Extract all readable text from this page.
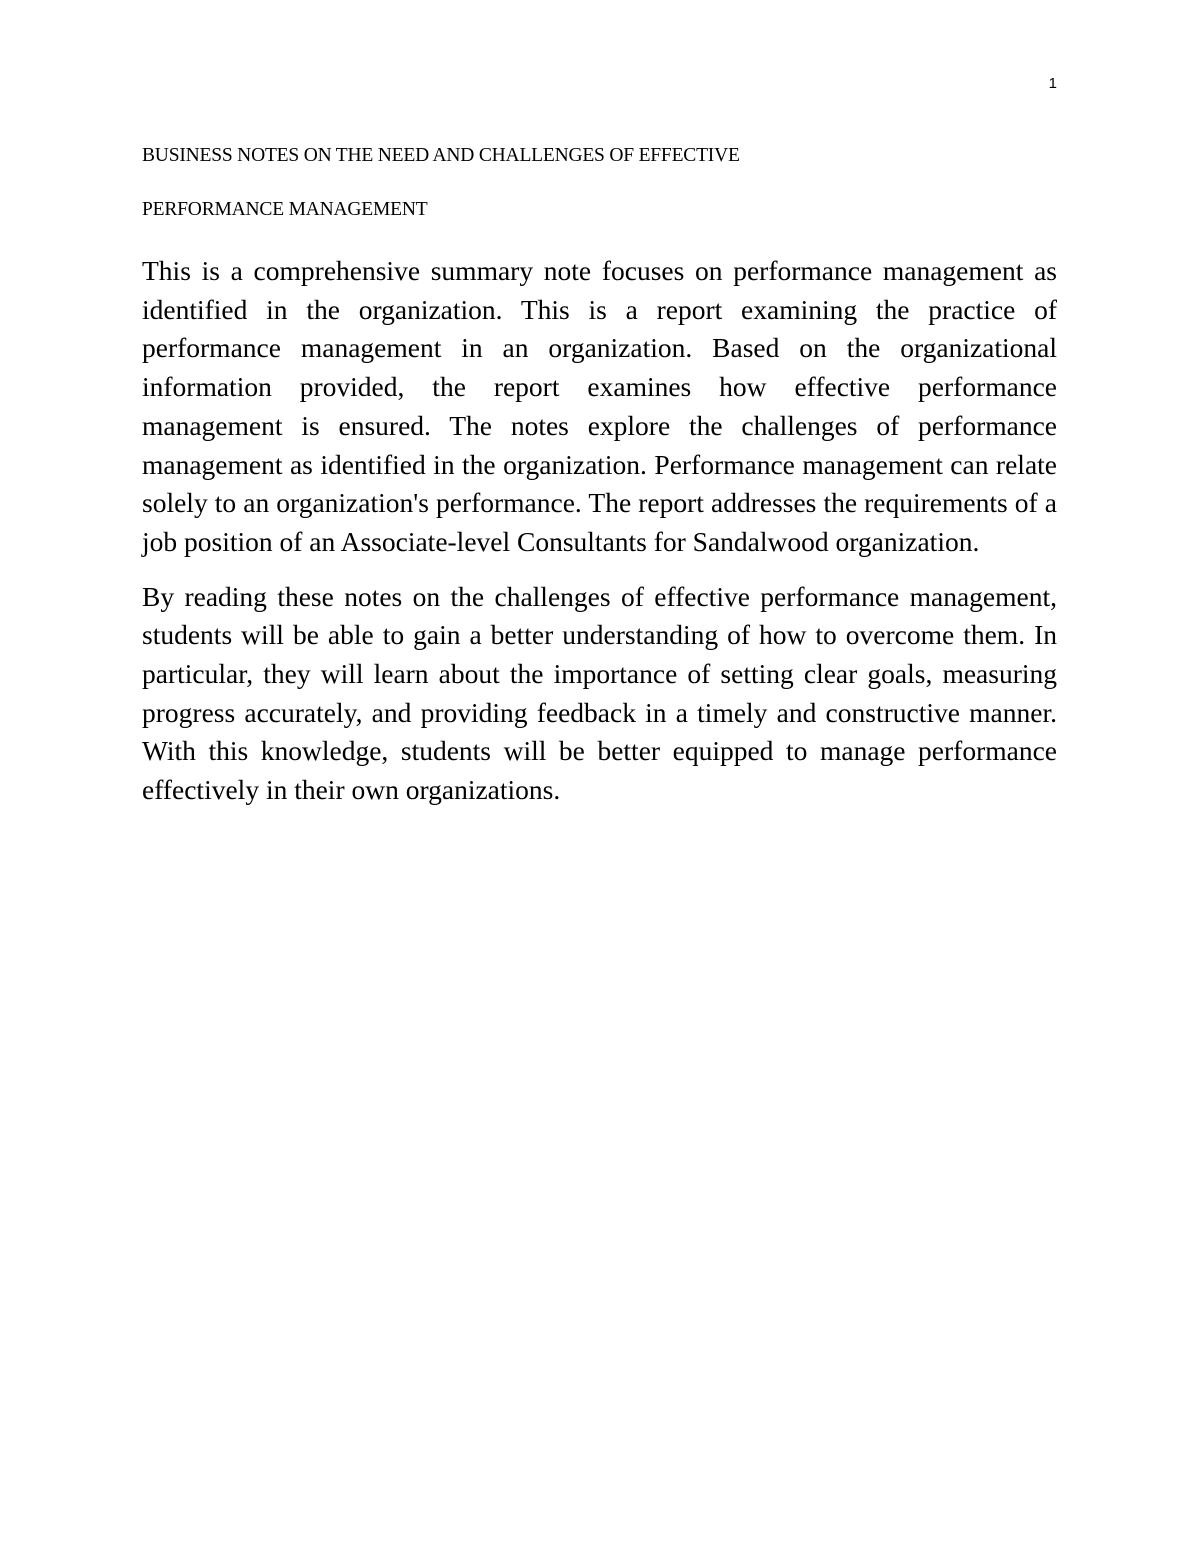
1
BUSINESS NOTES ON THE NEED AND CHALLENGES OF EFFECTIVE
PERFORMANCE MANAGEMENT

This is a comprehensive summary note focuses on performance management as identified in the organization. This is a report examining the practice of performance management in an organization. Based on the organizational information provided, the report examines how effective performance management is ensured. The notes explore the challenges of performance management as identified in the organization. Performance management can relate solely to an organization's performance. The report addresses the requirements of a job position of an Associate-level Consultants for Sandalwood organization.

By reading these notes on the challenges of effective performance management, students will be able to gain a better understanding of how to overcome them. In particular, they will learn about the importance of setting clear goals, measuring progress accurately, and providing feedback in a timely and constructive manner. With this knowledge, students will be better equipped to manage performance effectively in their own organizations.
